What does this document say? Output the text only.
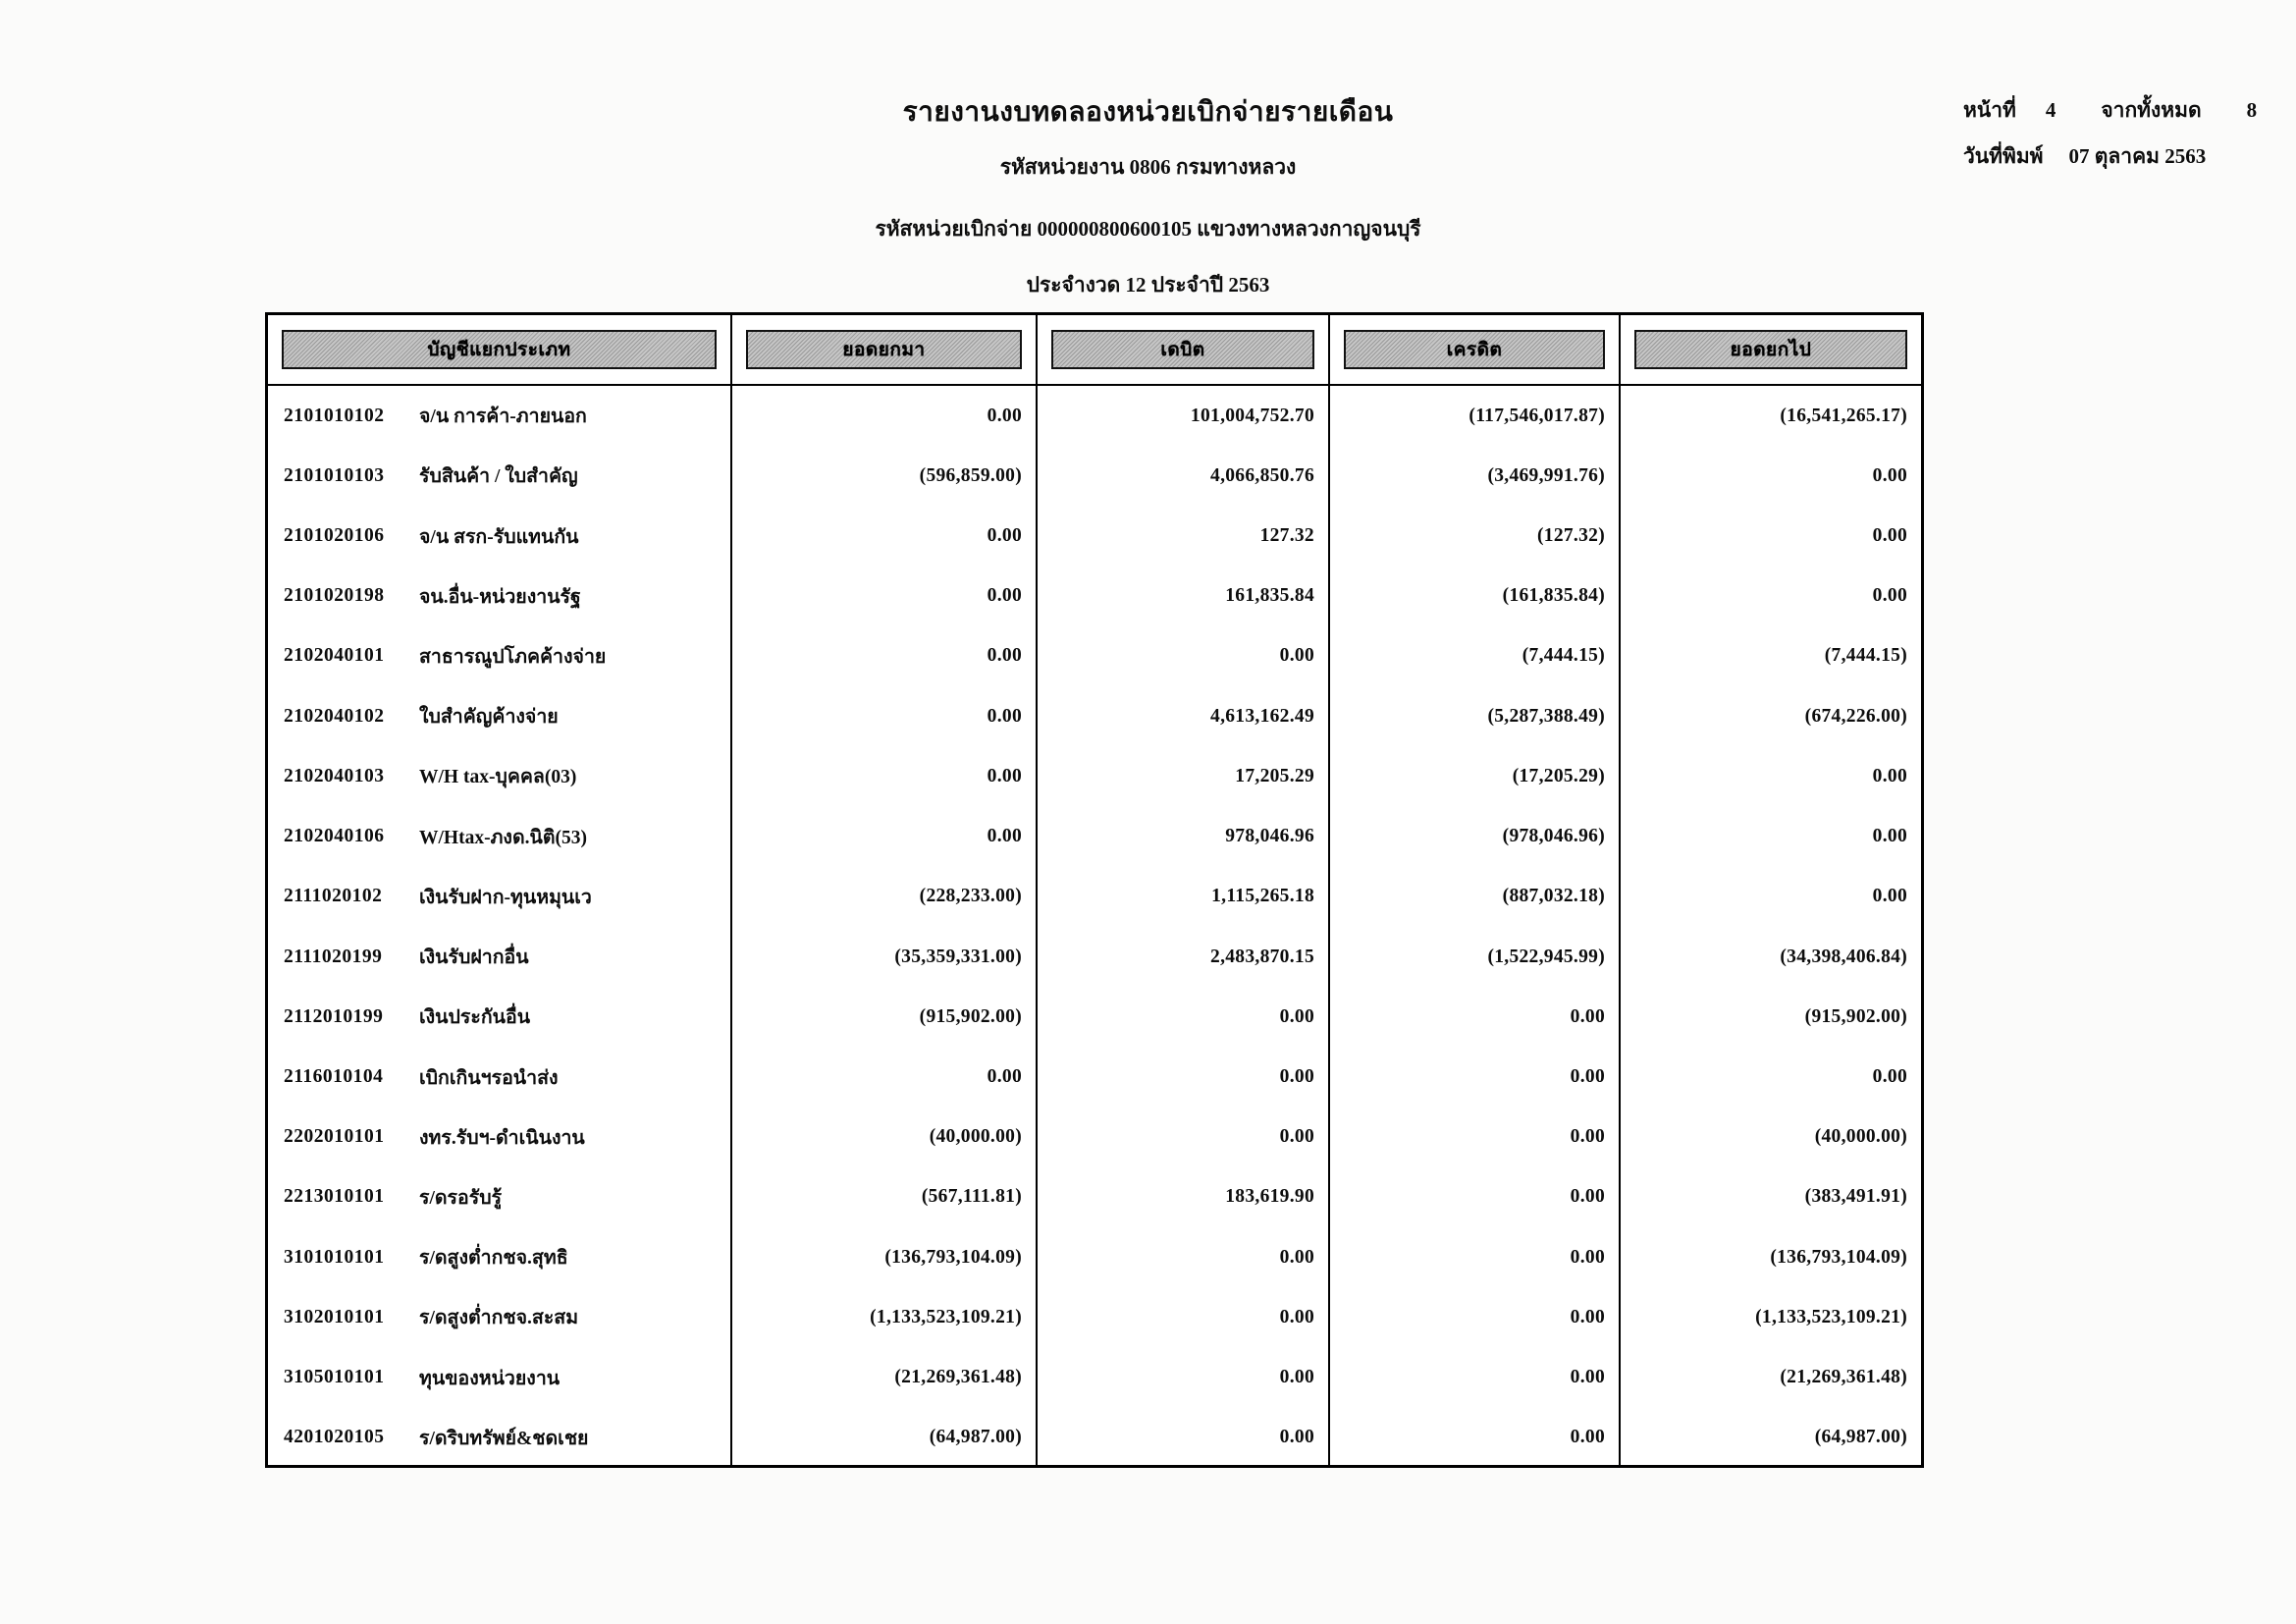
รายงานงบทดลองหน่วยเบิกจ่ายรายเดือน
รหัสหน่วยงาน 0806 กรมทางหลวง
รหัสหน่วยเบิกจ่าย 000000800600105 แขวงทางหลวงกาญจนบุรี
ประจำงวด 12 ประจำปี 2563
หน้าที่ 4 จากทั้งหมด 8
วันที่พิมพ์ 07 ตุลาคม 2563
บัญชีแยกประเภท	ยอดยกมา	เดบิต	เครดิต	ยอดยกไป
2101010102	จ/น การค้า-ภายนอก	0.00	101,004,752.70	(117,546,017.87)	(16,541,265.17)
2101010103	รับสินค้า / ใบสำคัญ	(596,859.00)	4,066,850.76	(3,469,991.76)	0.00
2101020106	จ/น สรก-รับแทนกัน	0.00	127.32	(127.32)	0.00
2101020198	จน.อื่น-หน่วยงานรัฐ	0.00	161,835.84	(161,835.84)	0.00
2102040101	สาธารณูปโภคค้างจ่าย	0.00	0.00	(7,444.15)	(7,444.15)
2102040102	ใบสำคัญค้างจ่าย	0.00	4,613,162.49	(5,287,388.49)	(674,226.00)
2102040103	W/H tax-บุคคล(03)	0.00	17,205.29	(17,205.29)	0.00
2102040106	W/Htax-ภงด.นิติ(53)	0.00	978,046.96	(978,046.96)	0.00
2111020102	เงินรับฝาก-ทุนหมุนเว	(228,233.00)	1,115,265.18	(887,032.18)	0.00
2111020199	เงินรับฝากอื่น	(35,359,331.00)	2,483,870.15	(1,522,945.99)	(34,398,406.84)
2112010199	เงินประกันอื่น	(915,902.00)	0.00	0.00	(915,902.00)
2116010104	เบิกเกินฯรอนำส่ง	0.00	0.00	0.00	0.00
2202010101	งทร.รับฯ-ดำเนินงาน	(40,000.00)	0.00	0.00	(40,000.00)
2213010101	ร/ดรอรับรู้	(567,111.81)	183,619.90	0.00	(383,491.91)
3101010101	ร/ดสูงต่ำกชจ.สุทธิ	(136,793,104.09)	0.00	0.00	(136,793,104.09)
3102010101	ร/ดสูงต่ำกชจ.สะสม	(1,133,523,109.21)	0.00	0.00	(1,133,523,109.21)
3105010101	ทุนของหน่วยงาน	(21,269,361.48)	0.00	0.00	(21,269,361.48)
4201020105	ร/ดริบทรัพย์&ชดเชย	(64,987.00)	0.00	0.00	(64,987.00)
